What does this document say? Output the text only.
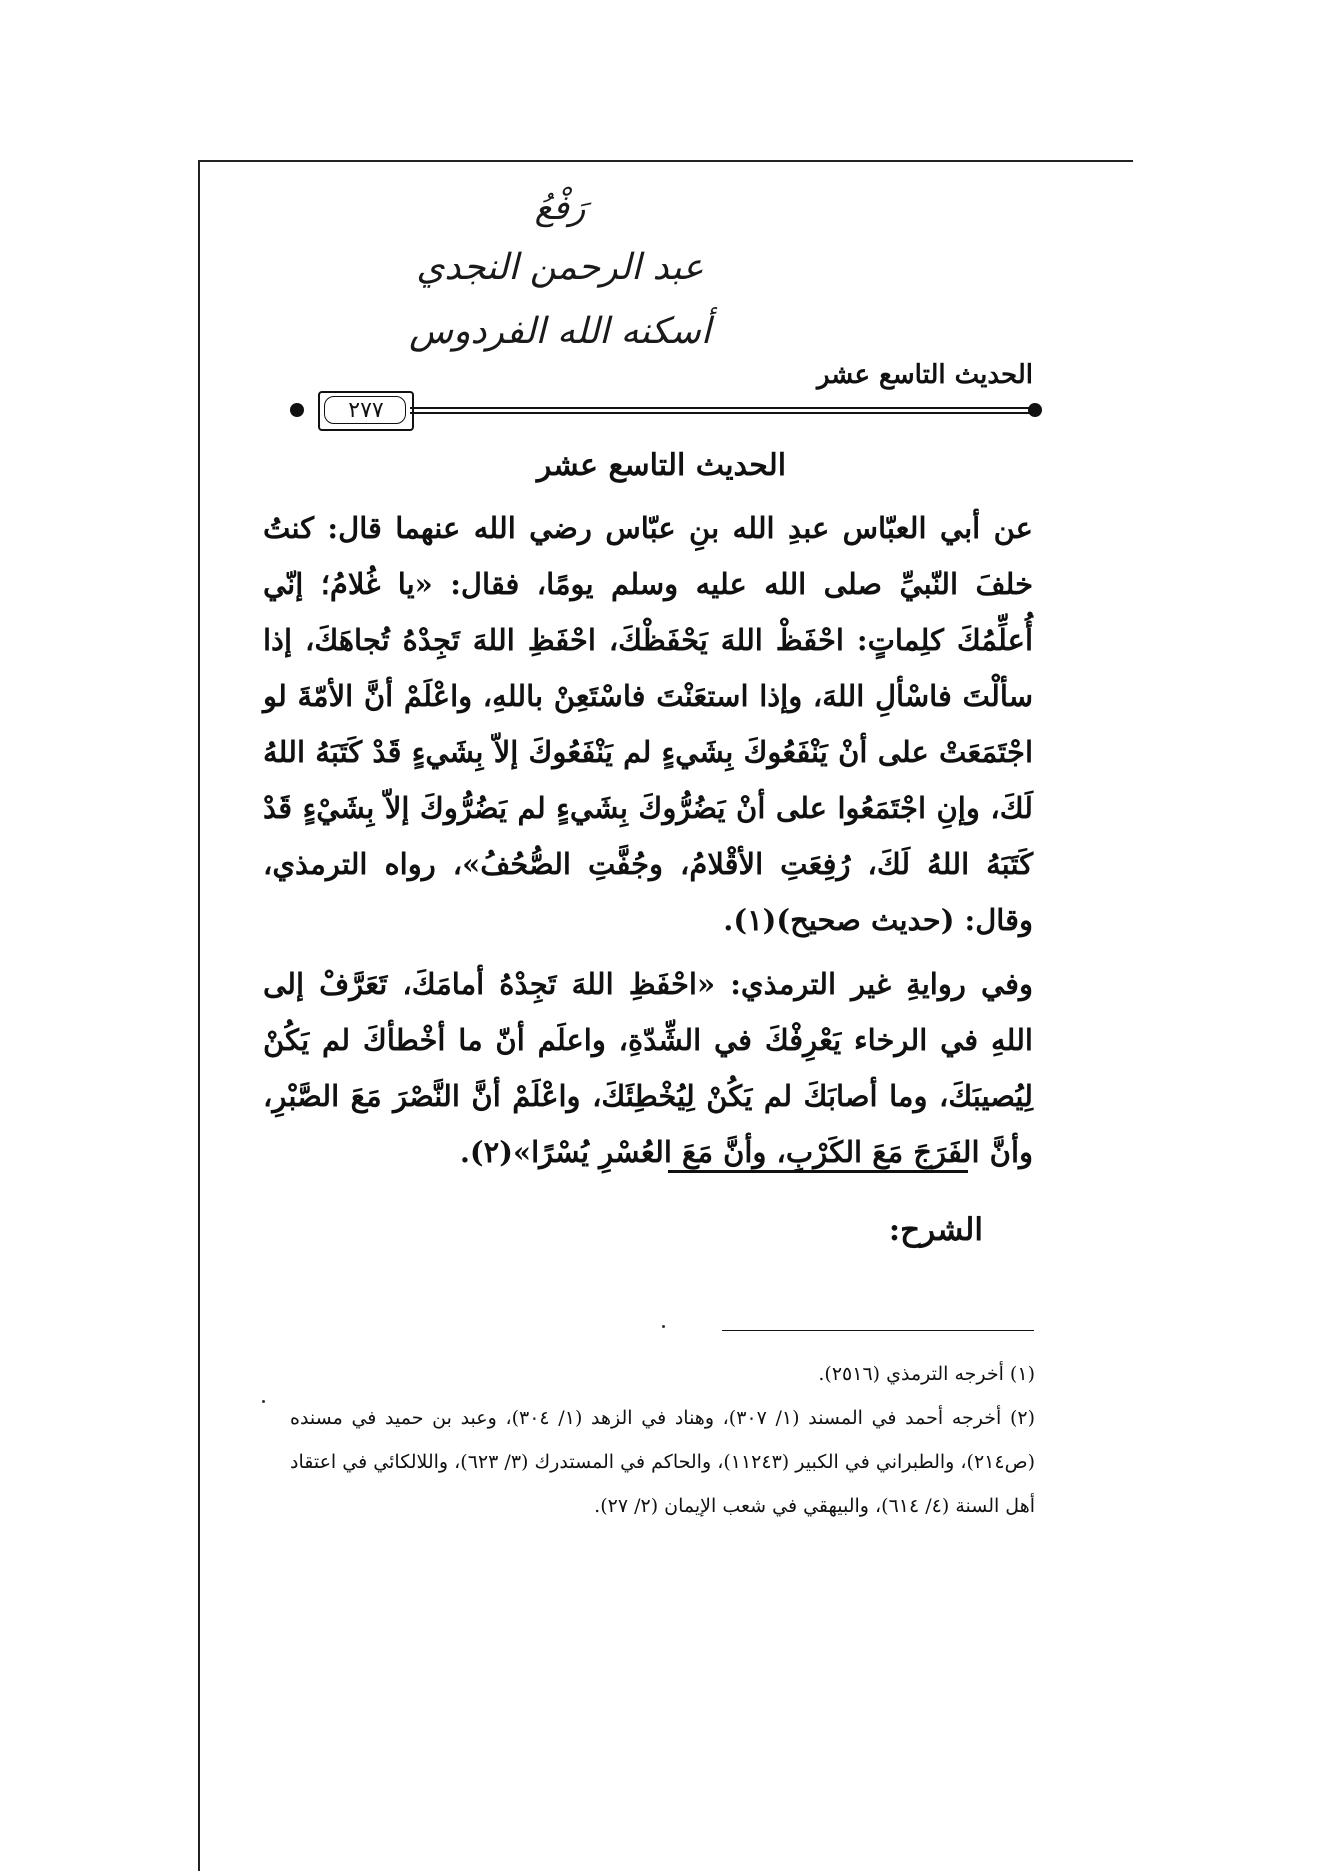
رَفْعُ
عبد الرحمن النجدي
أسكنه الله الفردوس
الحديث التاسع عشر
٢٧٧
الحديث التاسع عشر

عن أبي العبّاس عبدِ الله بنِ عبّاس رضي الله عنهما قال: كنتُ خلفَ النّبيِّ صلى الله عليه وسلم يومًا، فقال: «يا غُلامُ؛ إنّي أُعلِّمُكَ كلِماتٍ: احْفَظْ اللهَ يَحْفَظْكَ، احْفَظِ اللهَ تَجِدْهُ تُجاهَكَ، إذا سألْتَ فاسْألِ اللهَ، وإذا استعَنْتَ فاسْتَعِنْ باللهِ، واعْلَمْ أنَّ الأمّةَ لو اجْتَمَعَتْ على أنْ يَنْفَعُوكَ بِشَيءٍ لم يَنْفَعُوكَ إلاّ بِشَيءٍ قَدْ كَتَبَهُ اللهُ لَكَ، وإنِ اجْتَمَعُوا على أنْ يَضُرُّوكَ بِشَيءٍ لم يَضُرُّوكَ إلاّ بِشَيْءٍ قَدْ كَتَبَهُ اللهُ لَكَ، رُفِعَتِ الأقْلامُ، وجُفَّتِ الصُّحُفُ»، رواه الترمذي، وقال: (حديث صحيح)(١).

وفي روايةِ غير الترمذي: «احْفَظِ اللهَ تَجِدْهُ أمامَكَ، تَعَرَّفْ إلى اللهِ في الرخاء يَعْرِفْكَ في الشِّدّةِ، واعلَم أنّ ما أخْطأكَ لم يَكُنْ لِيُصيبَكَ، وما أصابَكَ لم يَكُنْ لِيُخْطِئَكَ، واعْلَمْ أنَّ النَّصْرَ مَعَ الصَّبْرِ، وأنَّ الفَرَجَ مَعَ الكَرْبِ، وأنَّ مَعَ العُسْرِ يُسْرًا»(٢).

الشرح:

(١) أخرجه الترمذي (٢٥١٦).

(٢) أخرجه أحمد في المسند (١/ ٣٠٧)، وهناد في الزهد (١/ ٣٠٤)، وعبد بن حميد في مسنده (ص٢١٤)، والطبراني في الكبير (١١٢٤٣)، والحاكم في المستدرك (٣/ ٦٢٣)، واللالكائي في اعتقاد أهل السنة (٤/ ٦١٤)، والبيهقي في شعب الإيمان (٢/ ٢٧).
